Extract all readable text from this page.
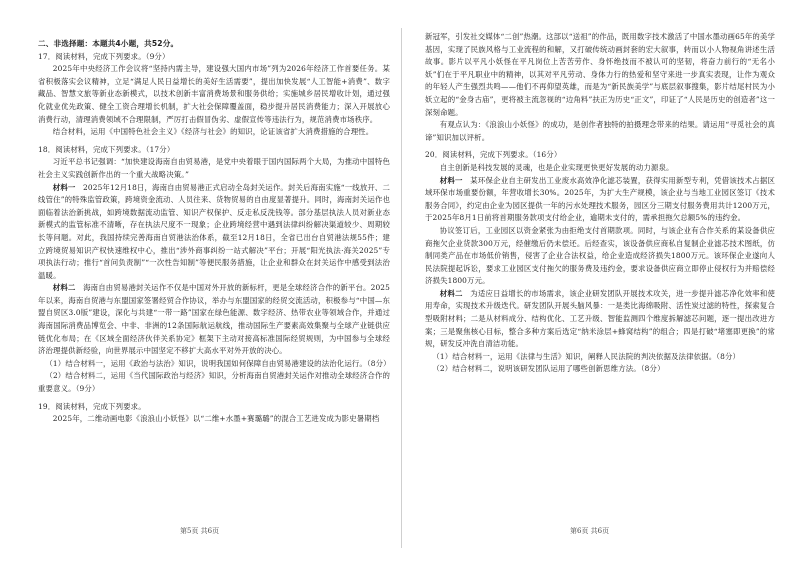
二、非选择题：本题共4小题，共52分。

17．阅读材料，完成下列要求。（9分）

2025年中央经济工作会议将“坚持内需主导，建设强大国内市场”列为2026年经济工作首要任务。某省积极落实会议精神，立足“满足人民日益增长的美好生活需要”，提出加快发展“人工智能+消费”、数字藏品、智慧文旅等新业态新模式，以技术创新丰富消费场景和服务供给；实施城乡居民增收计划，通过强化就业优先政策、健全工资合理增长机制，扩大社会保障覆盖面，稳步提升居民消费能力；深入开展放心消费行动，清理消费领域不合理限制，严厉打击假冒伪劣、虚假宣传等违法行为，规范消费市场秩序。

结合材料，运用《中国特色社会主义》《经济与社会》的知识，论证该省扩大消费措施的合理性。

18．阅读材料，完成下列要求。（17分）

习近平总书记强调：“加快建设海南自由贸易港，是党中央着眼于国内国际两个大局，为推动中国特色社会主义实践创新作出的一个重大战略决策。”

材料一　 2025年12月18日，海南自由贸易港正式启动全岛封关运作。封关后海南实施“一线放开、二线管住”的特殊监管政策，跨境资金流动、人员往来、货物贸易的自由度显著提升。同时，海南封关运作也面临着法治新挑战，如跨境数据流动监管、知识产权保护、反走私反洗钱等。部分基层执法人员对新业态新模式的监管标准不清晰，存在执法尺度不一现象；企业跨境经营中遇到法律纠纷解决渠道较少、周期较长等问题。对此，我国持续完善海南自贸港法治体系，截至12月18日，全省已出台自贸港法规55件；建立跨境贸易知识产权快速维权中心，推出“涉外商事纠纷一站式解决”平台；开展“阳光执法·海关2025”专项执法行动；推行“首问负责制”“一次性告知制”等便民服务措施，让企业和群众在封关运作中感受到法治温暖。

材料二　 海南自由贸易港封关运作不仅是中国对外开放的新标杆，更是全球经济合作的新平台。2025年以来，海南自贸港与东盟国家签署经贸合作协议，举办与东盟国家的经贸交流活动，积极参与“中国—东盟自贸区3.0版”建设，深化与共建“一带一路”国家在绿色能源、数字经济、热带农业等领域合作，并通过海南国际消费品博览会、中非、非洲的12条国际航运航线，推动国际生产要素高效集聚与全球产业链供应链优化布局；在《区域全面经济伙伴关系协定》框架下主动对接高标准国际经贸规则，为中国参与全球经济治理提供新经验，向世界展示中国坚定不移扩大高水平对外开放的决心。

（1）结合材料一，运用《政治与法治》知识，说明我国如何保障自由贸易港建设的法治化运行。（8分）

（2）结合材料二，运用《当代国际政治与经济》知识，分析海南自贸港封关运作对推动全球经济合作的重要意义。（9分）

19．阅读材料，完成下列要求。

2025年，二维动画电影《浪浪山小妖怪》以“二维+水墨+赛璐璐”的混合工艺进发成为影史暑期档

第5页 共6页

新冠军，引发社交媒体“二创”热潮。这部以“送祖”的作品，既用数字技术激活了中国水墨动画65年的美学基因，实现了民族风格与工业流程的和解，又打破传统动画封套的宏大叙事，转而以小人物视角讲述生活故事。影片以平凡小妖怪在平凡岗位上苦苦劳作、身怀绝技而不被认可的坚韧，将奋力前行的“无名小妖”们在于平凡职业中的精神，以其对平凡劳动、身体力行的热爱和坚守来进一步真实表现，让作为观众的年轻人产生强烈共鸣——他们不再仰望英雄，而是为“新民族美学”与底层叙事搜集，影片结尾村民为小妖立起的“金身古庙”，更将被主流忽视的“边角料”扶正为历史“正文”，印证了“人民是历史的创造者”这一深刻命题。

有观点认为：《浪浪山小妖怪》的成功，是创作者独特的拍摄理念带来的结果。请运用“寻觅社会的真谛”知识加以评析。

20．阅读材料，完成下列要求。（16分）

自主创新是科技发展的灵魂，也是企业实现更快更好发展的动力源泉。

材料一　 某环保企业自主研发出工业废水高效净化滤芯装置，获得实用新型专利，凭借该技术占据区域环保市场重要份额，年营收增长30%。2025年，为扩大生产规模，该企业与当地工业园区签订《技术服务合同》，约定由企业为园区提供一年的污水处理技术服务，园区分三期支付服务费用共计1200万元，于2025年8月1日前将首期服务款项支付给企业，逾期未支付的，需承担拖欠总额5%的违约金。

协议签订后，工业园区以资金紧张为由拒绝支付首期款项。同时，与该企业有合作关系的某设备供应商拖欠企业货款300万元，经催缴后仍未偿还。后经查实，该设备供应商私自复制企业滤芯技术图纸，仿制同类产品在市场低价销售，侵害了企业合法权益，给企业造成经济损失1800万元。该环保企业遂向人民法院提起诉讼，要求工业园区支付拖欠的服务费及违约金，要求设备供应商立即停止侵权行为并赔偿经济损失1800万元。

材料二　 为适应日益增长的市场需求，该企业研发团队开展技术攻关，进一步提升滤芯净化效率和使用寿命，实现技术升级迭代。研发团队开展头脑风暴：一是类比海绵吸附、活性炭过滤的特性，探索复合型吸附材料；二是从材料成分、结构优化、工艺升级、智能监测四个维度拆解滤芯问题，逐一提出改进方案；三是聚焦核心目标，整合多种方案后选定“纳米涂层+蜂窝结构”的组合；四是打破“堵塞即更换”的常规，研发反冲洗自清洁功能。

（1）结合材料一，运用《法律与生活》知识，阐释人民法院的判决依据及法律依据。（8分）

（2）结合材料二，说明该研发团队运用了哪些创新思维方法。（8分）

第6页 共6页
